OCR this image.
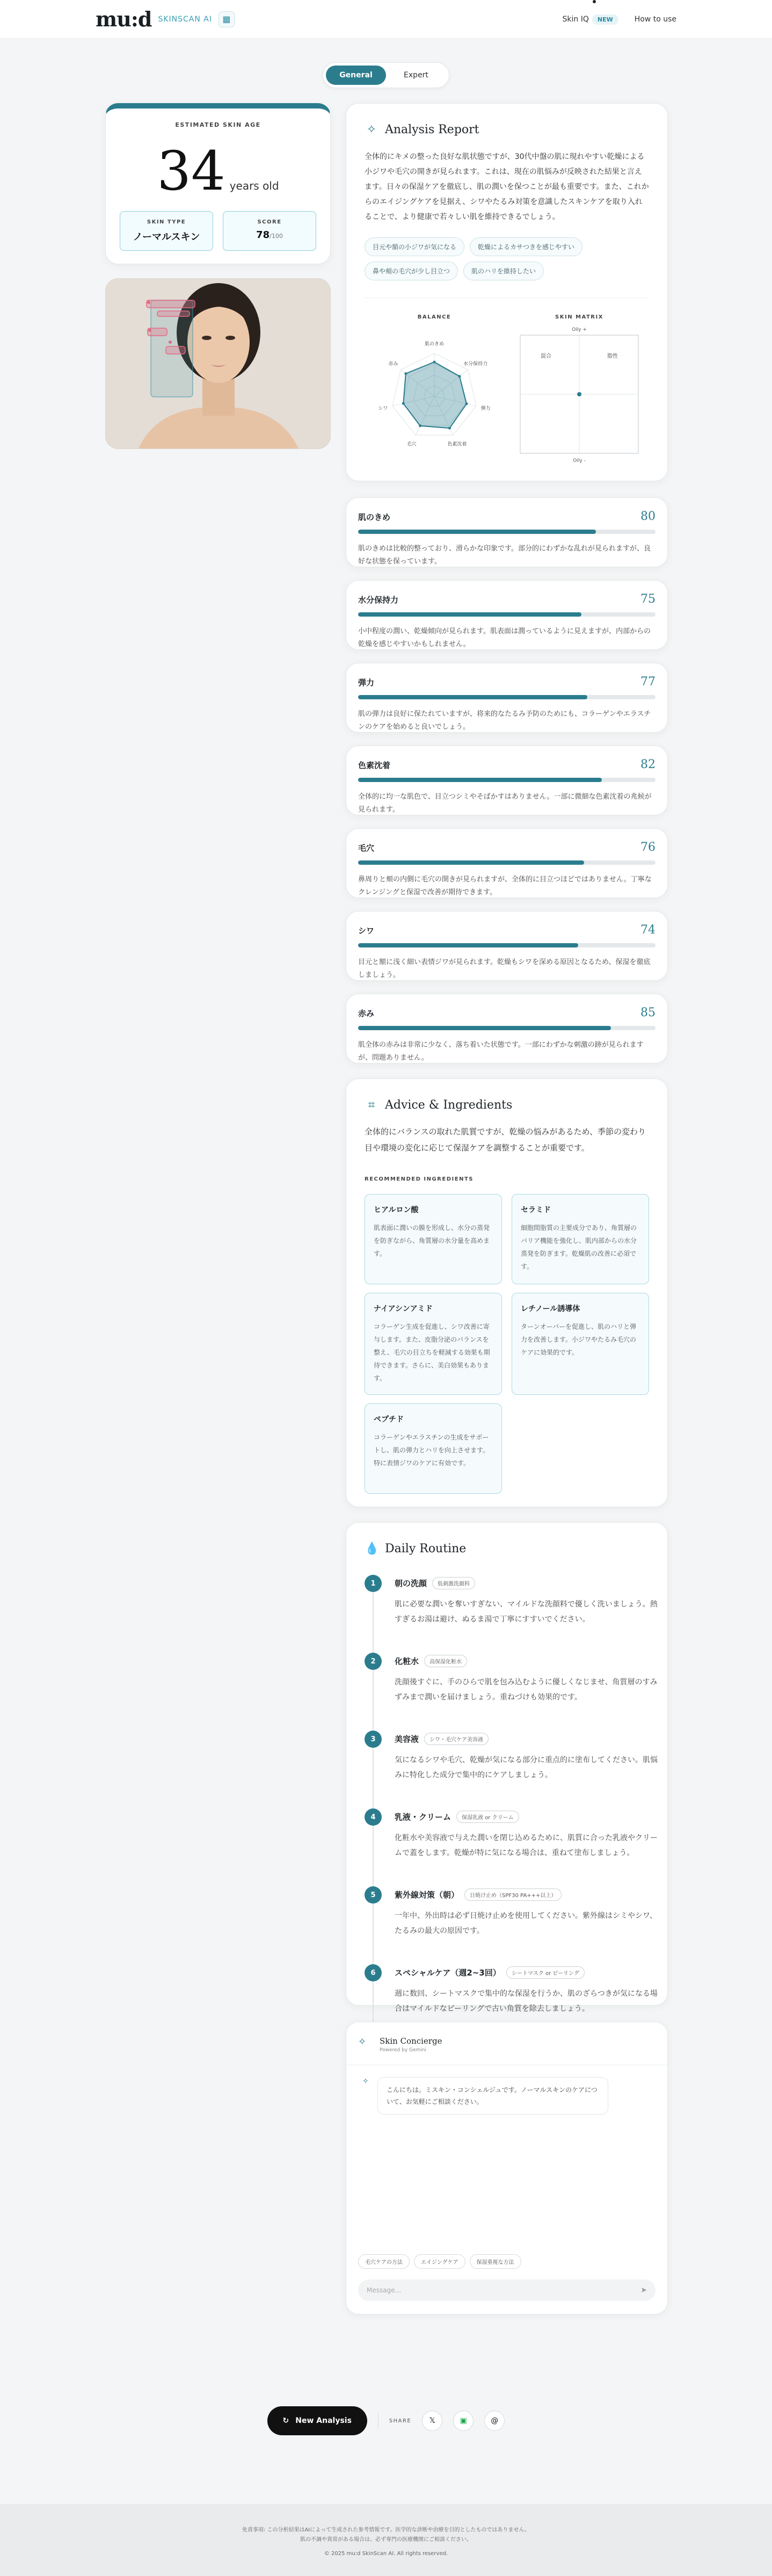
mu:d SKINSCAN AI	▦	Skin IQ NEW	How to use
General	Expert
ESTIMATED SKIN AGE
34 years old
SKIN TYPE
ノーマルスキン
SCORE
78/100
✧ Analysis Report

全体的にキメの整った良好な肌状態ですが、30代中盤の肌に現れやすい乾燥による小ジワや毛穴の開きが見られます。これは、現在の肌悩みが反映された結果と言えます。日々の保湿ケアを徹底し、肌の潤いを保つことが最も重要です。また、これからのエイジングケアを見据え、シワやたるみ対策を意識したスキンケアを取り入れることで、より健康で若々しい肌を維持できるでしょう。

目元や額の小ジワが気になる	乾燥によるカサつきを感じやすい
鼻や頬の毛穴が少し目立つ	肌のハリを維持したい
BALANCE
肌のきめ
水分保持力
弾力
色素沈着
毛穴
シワ
赤み
SKIN MATRIX
Oily +
混合	脂性
Oily -
肌のきめ	80

肌のきめは比較的整っており、滑らかな印象です。部分的にわずかな乱れが見られますが、良好な状態を保っています。

水分保持力	75

小中程度の潤い、乾燥傾向が見られます。肌表面は潤っているように見えますが、内部からの乾燥を感じやすいかもしれません。

弾力	77

肌の弾力は良好に保たれていますが、将来的なたるみ予防のためにも、コラーゲンやエラスチンのケアを始めると良いでしょう。

色素沈着	82

全体的に均一な肌色で、目立つシミやそばかすはありません。一部に微細な色素沈着の兆候が見られます。

毛穴	76

鼻周りと頬の内側に毛穴の開きが見られますが、全体的に目立つほどではありません。丁寧なクレンジングと保湿で改善が期待できます。

シワ	74

目元と額に浅く細い表情ジワが見られます。乾燥もシワを深める原因となるため、保湿を徹底しましょう。

赤み	85

肌全体の赤みは非常に少なく、落ち着いた状態です。一部にわずかな刺激の跡が見られますが、問題ありません。

⌗ Advice & Ingredients

全体的にバランスの取れた肌質ですが、乾燥の悩みがあるため、季節の変わり目や環境の変化に応じて保湿ケアを調整することが重要です。

RECOMMENDED INGREDIENTS
ヒアルロン酸
肌表面に潤いの膜を形成し、水分の蒸発を防ぎながら、角質層の水分量を高めます。
セラミド
細胞間脂質の主要成分であり、角質層のバリア機能を強化し、肌内部からの水分蒸発を防ぎます。乾燥肌の改善に必須です。
ナイアシンアミド
コラーゲン生成を促進し、シワ改善に寄与します。また、皮脂分泌のバランスを整え、毛穴の目立ちを軽減する効果も期待できます。さらに、美白効果もあります。
レチノール誘導体
ターンオーバーを促進し、肌のハリと弾力を改善します。小ジワやたるみ毛穴のケアに効果的です。
ペプチド
コラーゲンやエラスチンの生成をサポートし、肌の弾力とハリを向上させます。特に表情ジワのケアに有効です。
💧 Daily Routine
1	朝の洗顔	低刺激洗顔料

肌に必要な潤いを奪いすぎない、マイルドな洗顔料で優しく洗いましょう。熱すぎるお湯は避け、ぬるま湯で丁寧にすすいでください。

2	化粧水	高保湿化粧水

洗顔後すぐに、手のひらで肌を包み込むように優しくなじませ、角質層のすみずみまで潤いを届けましょう。重ねづけも効果的です。

3	美容液	シワ・毛穴ケア美容液

気になるシワや毛穴、乾燥が気になる部分に重点的に塗布してください。肌悩みに特化した成分で集中的にケアしましょう。

4	乳液・クリーム	保湿乳液 or クリーム

化粧水や美容液で与えた潤いを閉じ込めるために、肌質に合った乳液やクリームで蓋をします。乾燥が特に気になる場合は、重ねて塗布しましょう。

5	紫外線対策（朝）	日焼け止め（SPF30 PA+++以上）

一年中、外出時は必ず日焼け止めを使用してください。紫外線はシミやシワ、たるみの最大の原因です。

6	スペシャルケア（週2~3回）	シートマスク or ピーリング

週に数回、シートマスクで集中的な保湿を行うか、肌のざらつきが気になる場合はマイルドなピーリングで古い角質を除去しましょう。

✧	Skin Concierge
Powered by Gemini
✧
こんにちは。ミスキン・コンシェルジュです。ノーマルスキンのケアについて、お気軽にご相談ください。
毛穴ケアの方法	エイジングケア	保湿重視な方法
Message...
➤
↻ New Analysis	SHARE	𝕏	▣	@

免責事項: この分析結果はAIによって生成された参考情報です。医学的な診断や治療を目的としたものではありません。

肌の不調や異常がある場合は、必ず専門の医療機関にご相談ください。

© 2025 mu:d SkinScan AI. All rights reserved.
